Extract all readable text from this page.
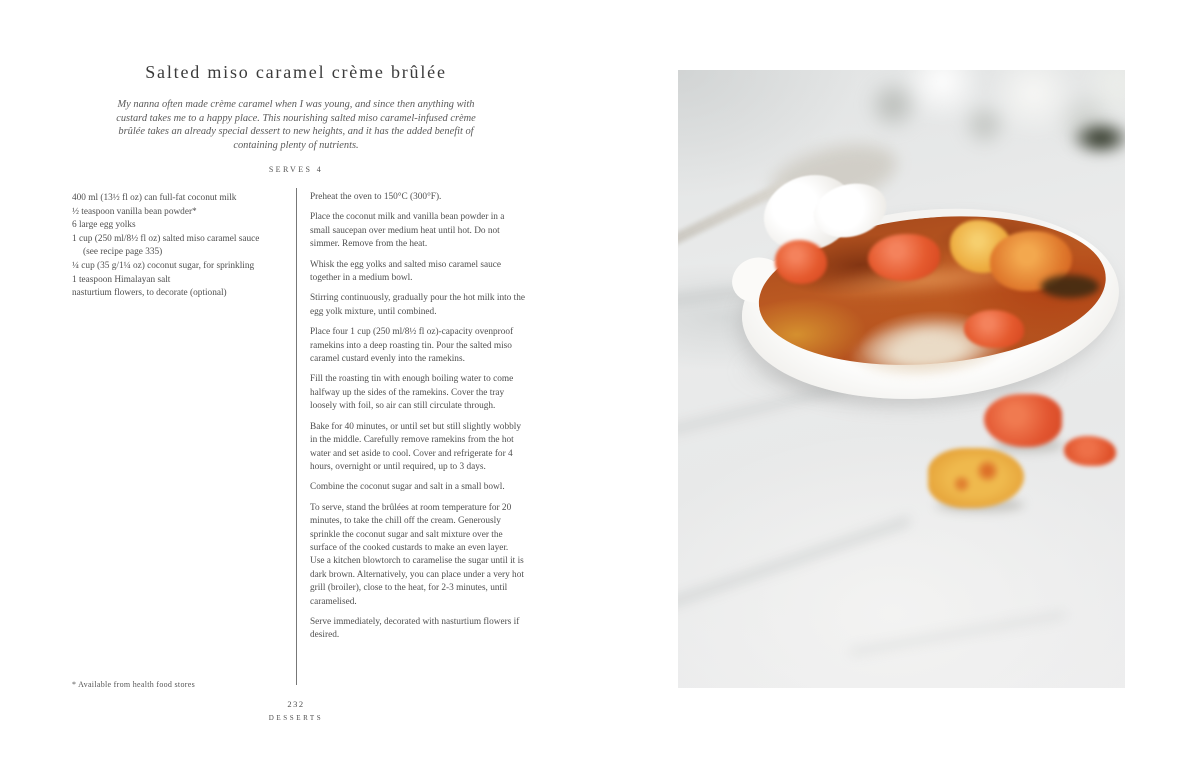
Salted miso caramel crème brûlée

My nanna often made crème caramel when I was young, and since then anything with custard takes me to a happy place. This nourishing salted miso caramel-infused crème brûlée takes an already special dessert to new heights, and it has the added benefit of containing plenty of nutrients.

SERVES 4
400 ml (13½ fl oz) can full-fat coconut milk
½ teaspoon vanilla bean powder*
6 large egg yolks
1 cup (250 ml/8½ fl oz) salted miso caramel sauce
(see recipe page 335)
¼ cup (35 g/1¼ oz) coconut sugar, for sprinkling
1 teaspoon Himalayan salt
nasturtium flowers, to decorate (optional)

Preheat the oven to 150°C (300°F).

Place the coconut milk and vanilla bean powder in a small saucepan over medium heat until hot. Do not simmer. Remove from the heat.

Whisk the egg yolks and salted miso caramel sauce together in a medium bowl.

Stirring continuously, gradually pour the hot milk into the egg yolk mixture, until combined.

Place four 1 cup (250 ml/8½ fl oz)-capacity ovenproof ramekins into a deep roasting tin. Pour the salted miso caramel custard evenly into the ramekins.

Fill the roasting tin with enough boiling water to come halfway up the sides of the ramekins. Cover the tray loosely with foil, so air can still circulate through.

Bake for 40 minutes, or until set but still slightly wobbly in the middle. Carefully remove ramekins from the hot water and set aside to cool. Cover and refrigerate for 4 hours, overnight or until required, up to 3 days.

Combine the coconut sugar and salt in a small bowl.

To serve, stand the brûlées at room temperature for 20 minutes, to take the chill off the cream. Generously sprinkle the coconut sugar and salt mixture over the surface of the cooked custards to make an even layer. Use a kitchen blowtorch to caramelise the sugar until it is dark brown. Alternatively, you can place under a very hot grill (broiler), close to the heat, for 2-3 minutes, until caramelised.

Serve immediately, decorated with nasturtium flowers if desired.

* Available from health food stores
232
DESSERTS
